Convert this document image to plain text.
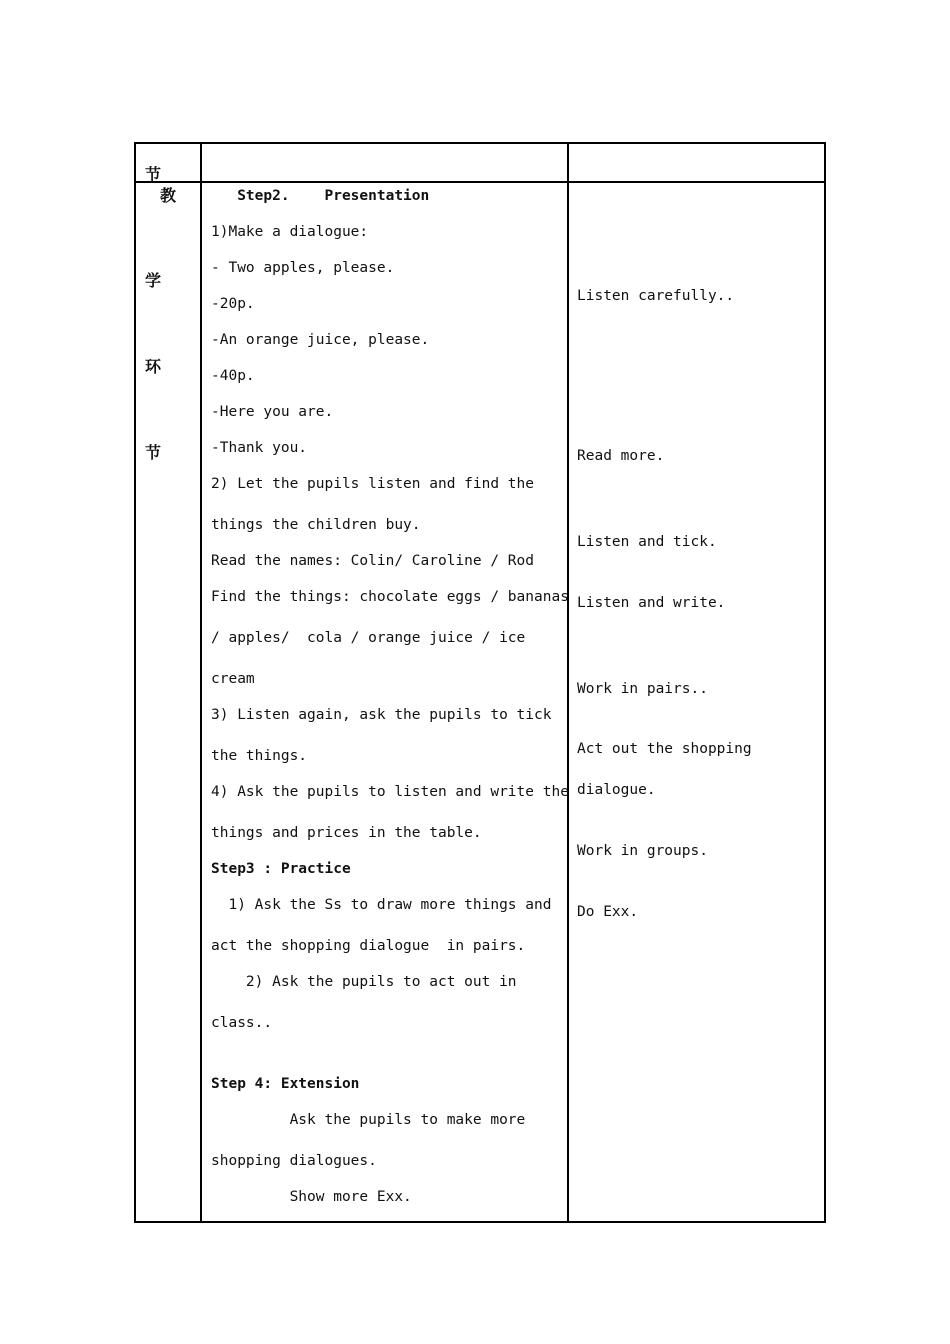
节
教
学
环
节
Step2.    Presentation
1)Make a dialogue:
- Two apples, please.
-20p.
-An orange juice, please.
-40p.
-Here you are.
-Thank you.
2) Let the pupils listen and find the
things the children buy.
Read the names: Colin/ Caroline / Rod
Find the things: chocolate eggs / bananas
/ apples/  cola / orange juice / ice
cream
3) Listen again, ask the pupils to tick
the things.
4) Ask the pupils to listen and write the
things and prices in the table.
Step3 : Practice
1) Ask the Ss to draw more things and
act the shopping dialogue  in pairs.
2) Ask the pupils to act out in
class..
Step 4: Extension
Ask the pupils to make more
shopping dialogues.
Show more Exx.
Listen carefully..
Read more.
Listen and tick.
Listen and write.
Work in pairs..
Act out the shopping
dialogue.
Work in groups.
Do Exx.
